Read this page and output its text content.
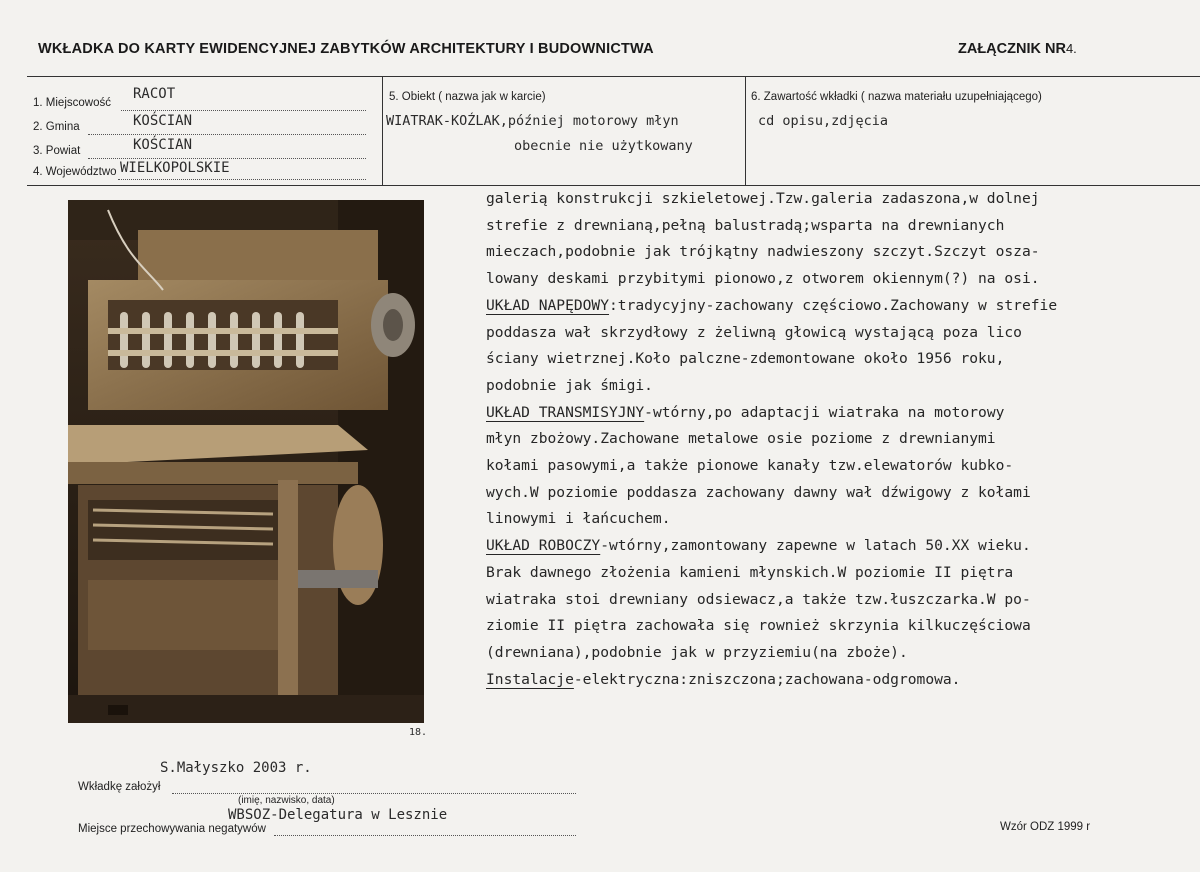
WKŁADKA DO KARTY EWIDENCYJNEJ ZABYTKÓW ARCHITEKTURY I BUDOWNICTWA	ZAŁĄCZNIK NR4.
1. Miejscowość
RACOT
2. Gmina	KOŚCIAN
3. Powiat	KOŚCIAN
4. Województwo WIELKOPOLSKIE
5. Obiekt ( nazwa jak w karcie)
WIATRAK-KOŹLAK,później motorowy młyn
obecnie nie użytkowany
6. Zawartość wkładki ( nazwa materiału uzupełniającego)
cd opisu,zdjęcia
18.
galerią konstrukcji szkieletowej.Tzw.galeria zadaszona,w dolnej
strefie z drewnianą,pełną balustradą;wsparta na drewnianych
mieczach,podobnie jak trójkątny nadwieszony szczyt.Szczyt osza-
lowany deskami przybitymi pionowo,z otworem okiennym(?) na osi.
UKŁAD NAPĘDOWY:tradycyjny-zachowany częściowo.Zachowany w strefie
poddasza wał skrzydłowy z żeliwną głowicą wystającą poza lico
ściany wietrznej.Koło palczne-zdemontowane około 1956 roku,
podobnie jak śmigi.
UKŁAD TRANSMISYJNY-wtórny,po adaptacji wiatraka na motorowy
młyn zbożowy.Zachowane metalowe osie poziome z drewnianymi
kołami pasowymi,a także pionowe kanały tzw.elewatorów kubko-
wych.W poziomie poddasza zachowany dawny wał dźwigowy z kołami
linowymi i łańcuchem.
UKŁAD ROBOCZY-wtórny,zamontowany zapewne w latach 50.XX wieku.
Brak dawnego złożenia kamieni młynskich.W poziomie II piętra
wiatraka stoi drewniany odsiewacz,a także tzw.łuszczarka.W po-
ziomie II piętra zachowała się rownież skrzynia kilkuczęściowa
(drewniana),podobnie jak w przyziemiu(na zboże).
Instalacje-elektryczna:zniszczona;zachowana-odgromowa.
S.Małyszko 2003 r.
Wkładkę założył
(imię, nazwisko, data)
WBSOZ-Delegatura w Lesznie
Miejsce przechowywania negatywów	Wzór ODZ 1999 r
